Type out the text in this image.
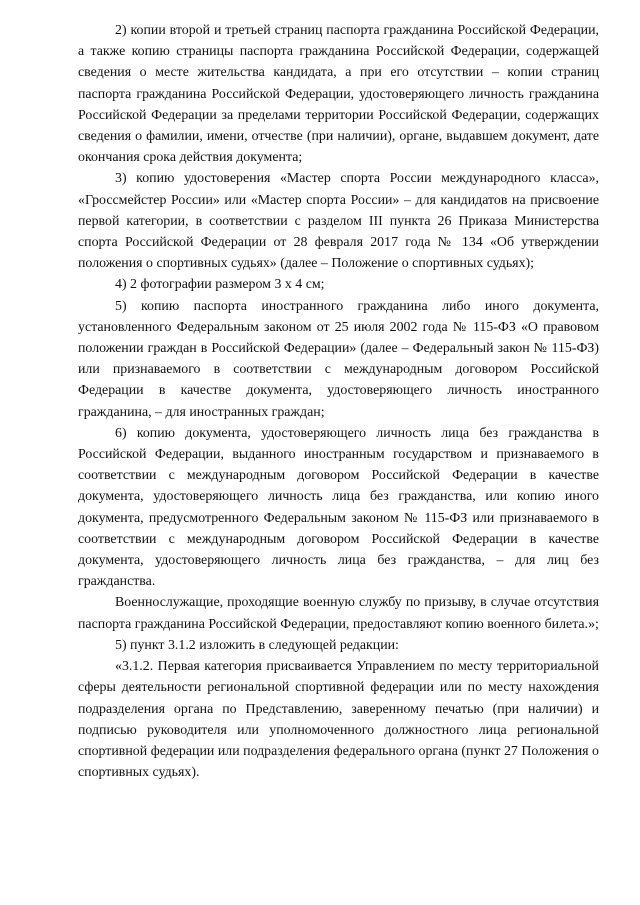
2) копии второй и третьей страниц паспорта гражданина Российской Федерации, а также копию страницы паспорта гражданина Российской Федерации, содержащей сведения о месте жительства кандидата, а при его отсутствии – копии страниц паспорта гражданина Российской Федерации, удостоверяющего личность гражданина Российской Федерации за пределами территории Российской Федерации, содержащих сведения о фамилии, имени, отчестве (при наличии), органе, выдавшем документ, дате окончания срока действия документа;

3) копию удостоверения «Мастер спорта России международного класса», «Гроссмейстер России» или «Мастер спорта России» – для кандидатов на присвоение первой категории, в соответствии с разделом III пункта 26 Приказа Министерства спорта Российской Федерации от 28 февраля 2017 года № 134 «Об утверждении положения о спортивных судьях» (далее – Положение о спортивных судьях);

4) 2 фотографии размером 3 х 4 см;

5) копию паспорта иностранного гражданина либо иного документа, установленного Федеральным законом от 25 июля 2002 года № 115-ФЗ «О правовом положении граждан в Российской Федерации» (далее – Федеральный закон № 115-ФЗ) или признаваемого в соответствии с международным договором Российской Федерации в качестве документа, удостоверяющего личность иностранного гражданина, – для иностранных граждан;

6) копию документа, удостоверяющего личность лица без гражданства в Российской Федерации, выданного иностранным государством и признаваемого в соответствии с международным договором Российской Федерации в качестве документа, удостоверяющего личность лица без гражданства, или копию иного документа, предусмотренного Федеральным законом № 115-ФЗ или признаваемого в соответствии с международным договором Российской Федерации в качестве документа, удостоверяющего личность лица без гражданства, – для лиц без гражданства.

Военнослужащие, проходящие военную службу по призыву, в случае отсутствия паспорта гражданина Российской Федерации, предоставляют копию военного билета.»;

5) пункт 3.1.2 изложить в следующей редакции:

«3.1.2. Первая категория присваивается Управлением по месту территориальной сферы деятельности региональной спортивной федерации или по месту нахождения подразделения органа по Представлению, заверенному печатью (при наличии) и подписью руководителя или уполномоченного должностного лица региональной спортивной федерации или подразделения федерального органа (пункт 27 Положения о спортивных судьях).
